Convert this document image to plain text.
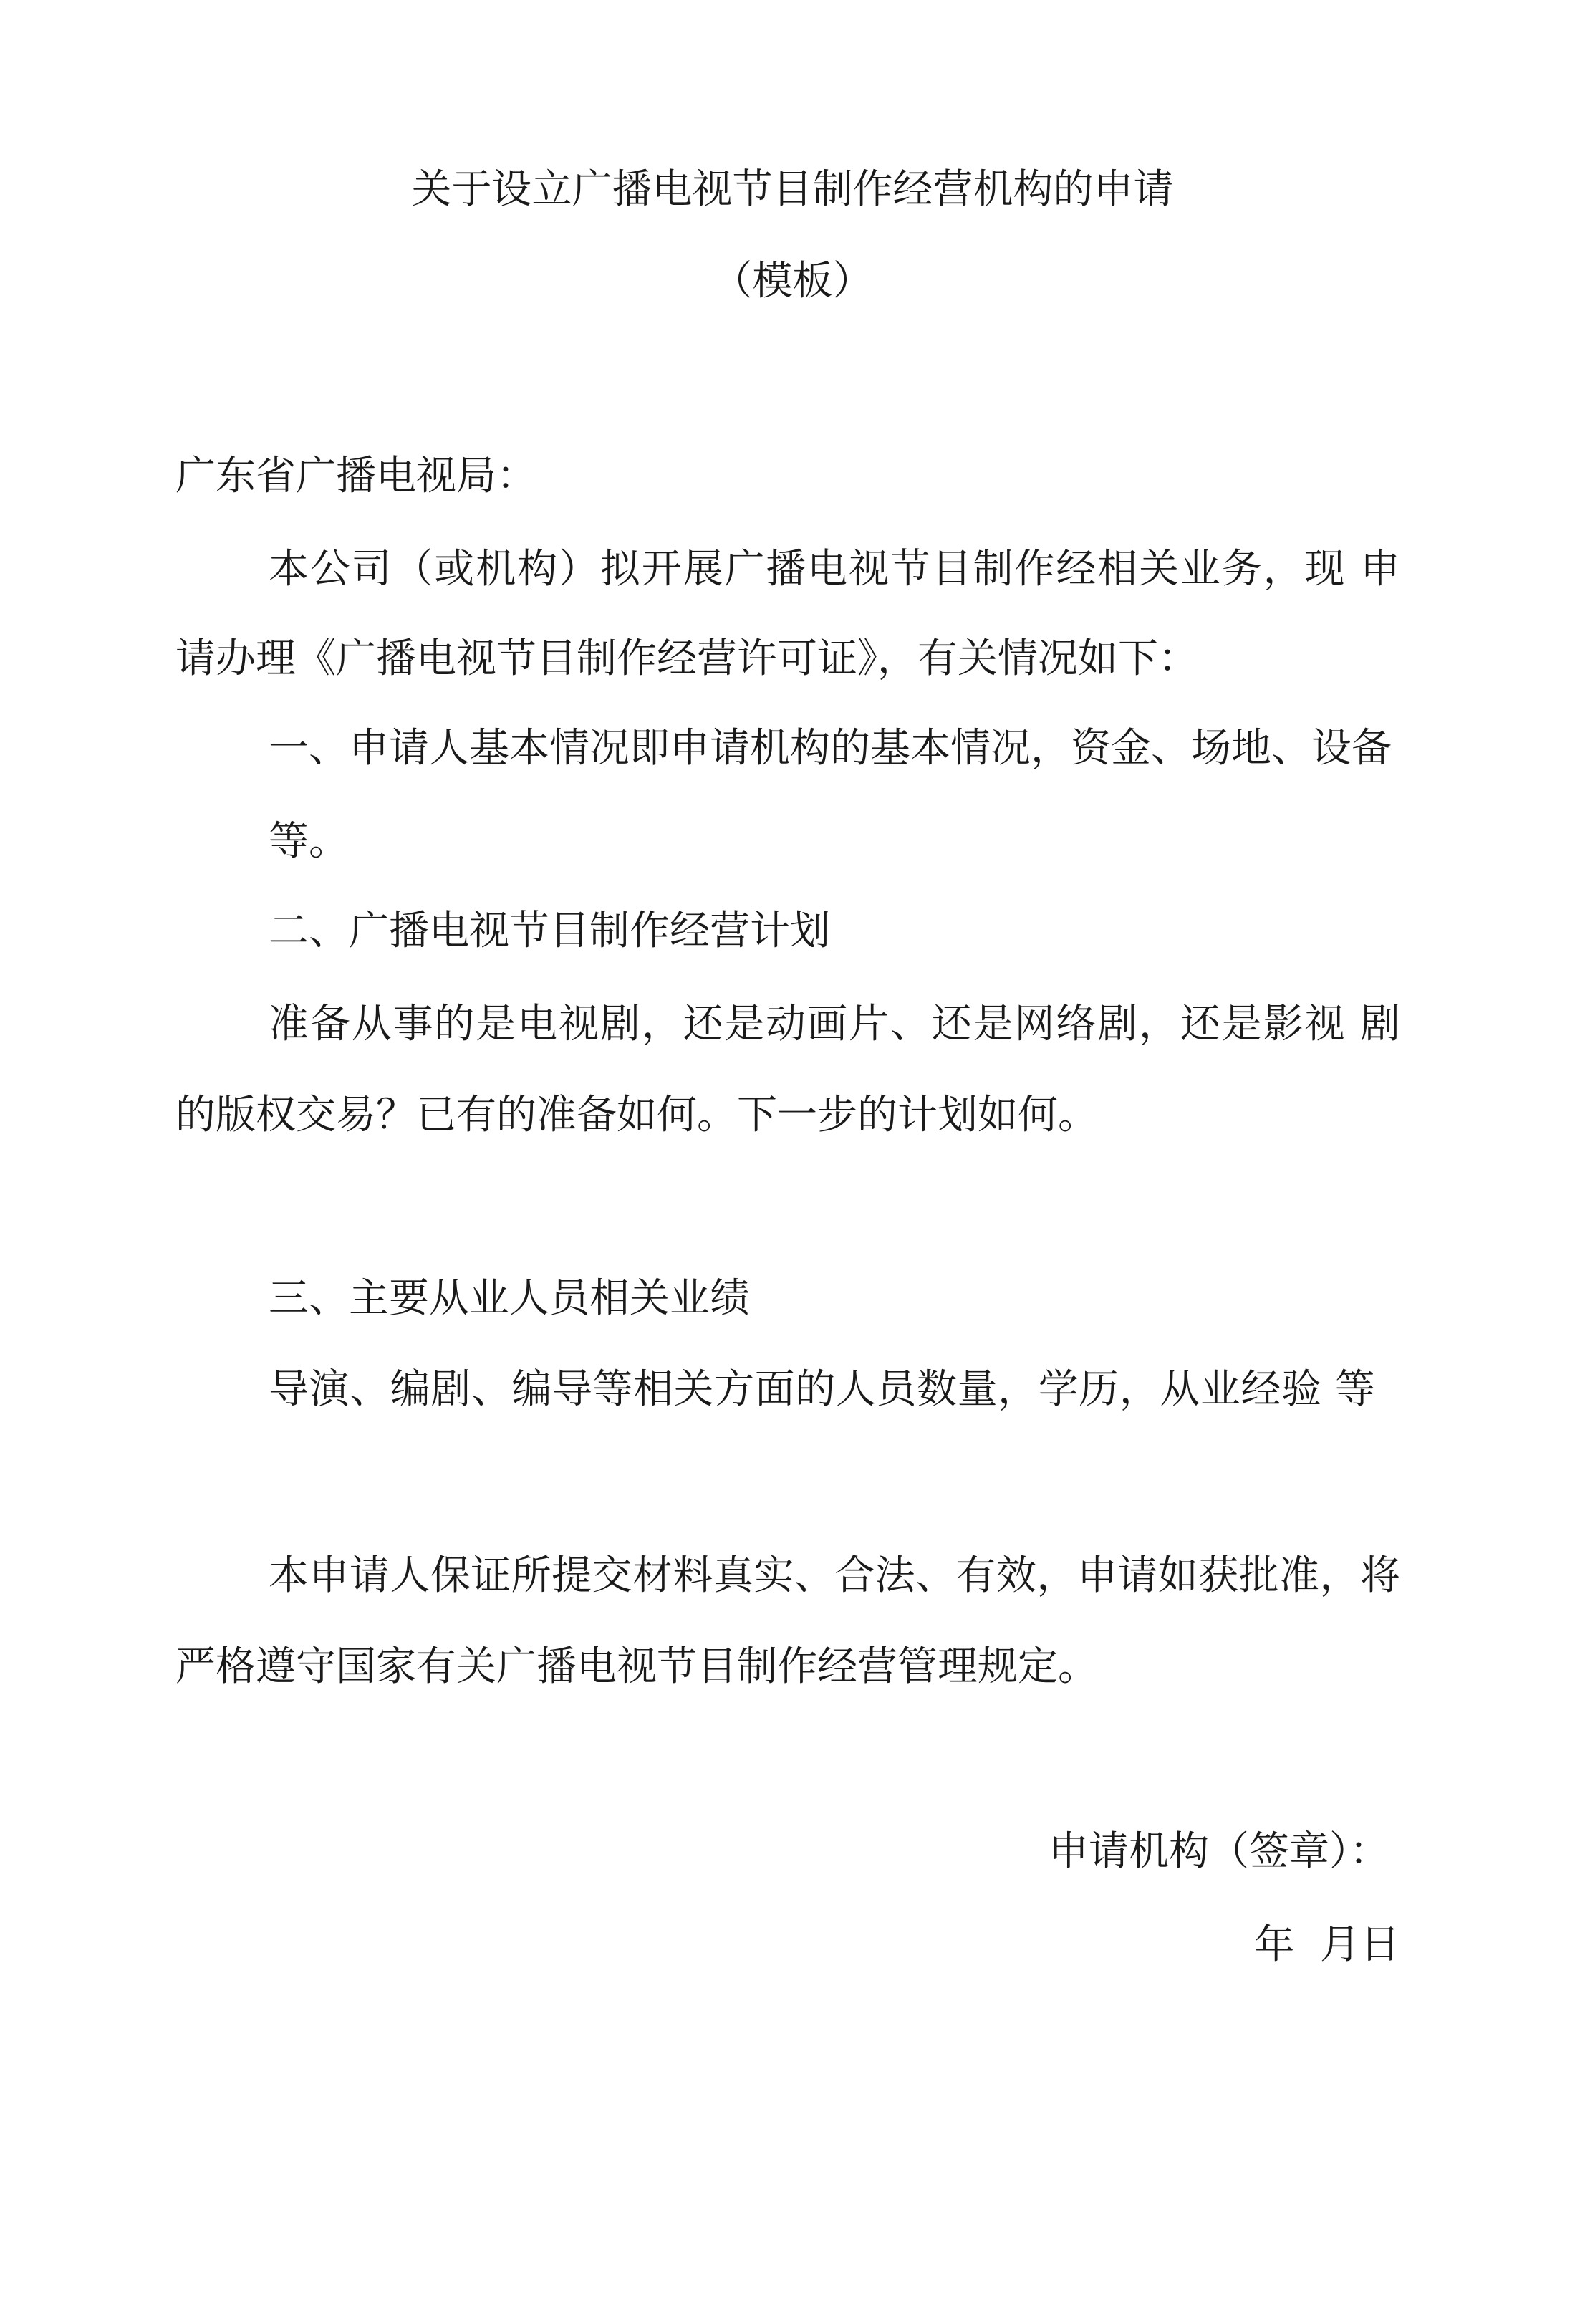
关于设立广播电视节目制作经营机构的申请

（模板）

广东省广播电视局：

本公司（或机构）拟开展广播电视节目制作经相关业务，现 申

请办理《广播电视节目制作经营许可证》，有关情况如下：

一、申请人基本情况即申请机构的基本情况，资金、场地、设备

等。

二、广播电视节目制作经营计划

准备从事的是电视剧，还是动画片、还是网络剧，还是影视 剧

的版权交易？已有的准备如何。下一步的计划如何。

三、主要从业人员相关业绩

导演、编剧、编导等相关方面的人员数量，学历，从业经验 等

本申请人保证所提交材料真实、合法、有效，申请如获批准，将

严格遵守国家有关广播电视节目制作经营管理规定。

申请机构（签章）：

年  月日
